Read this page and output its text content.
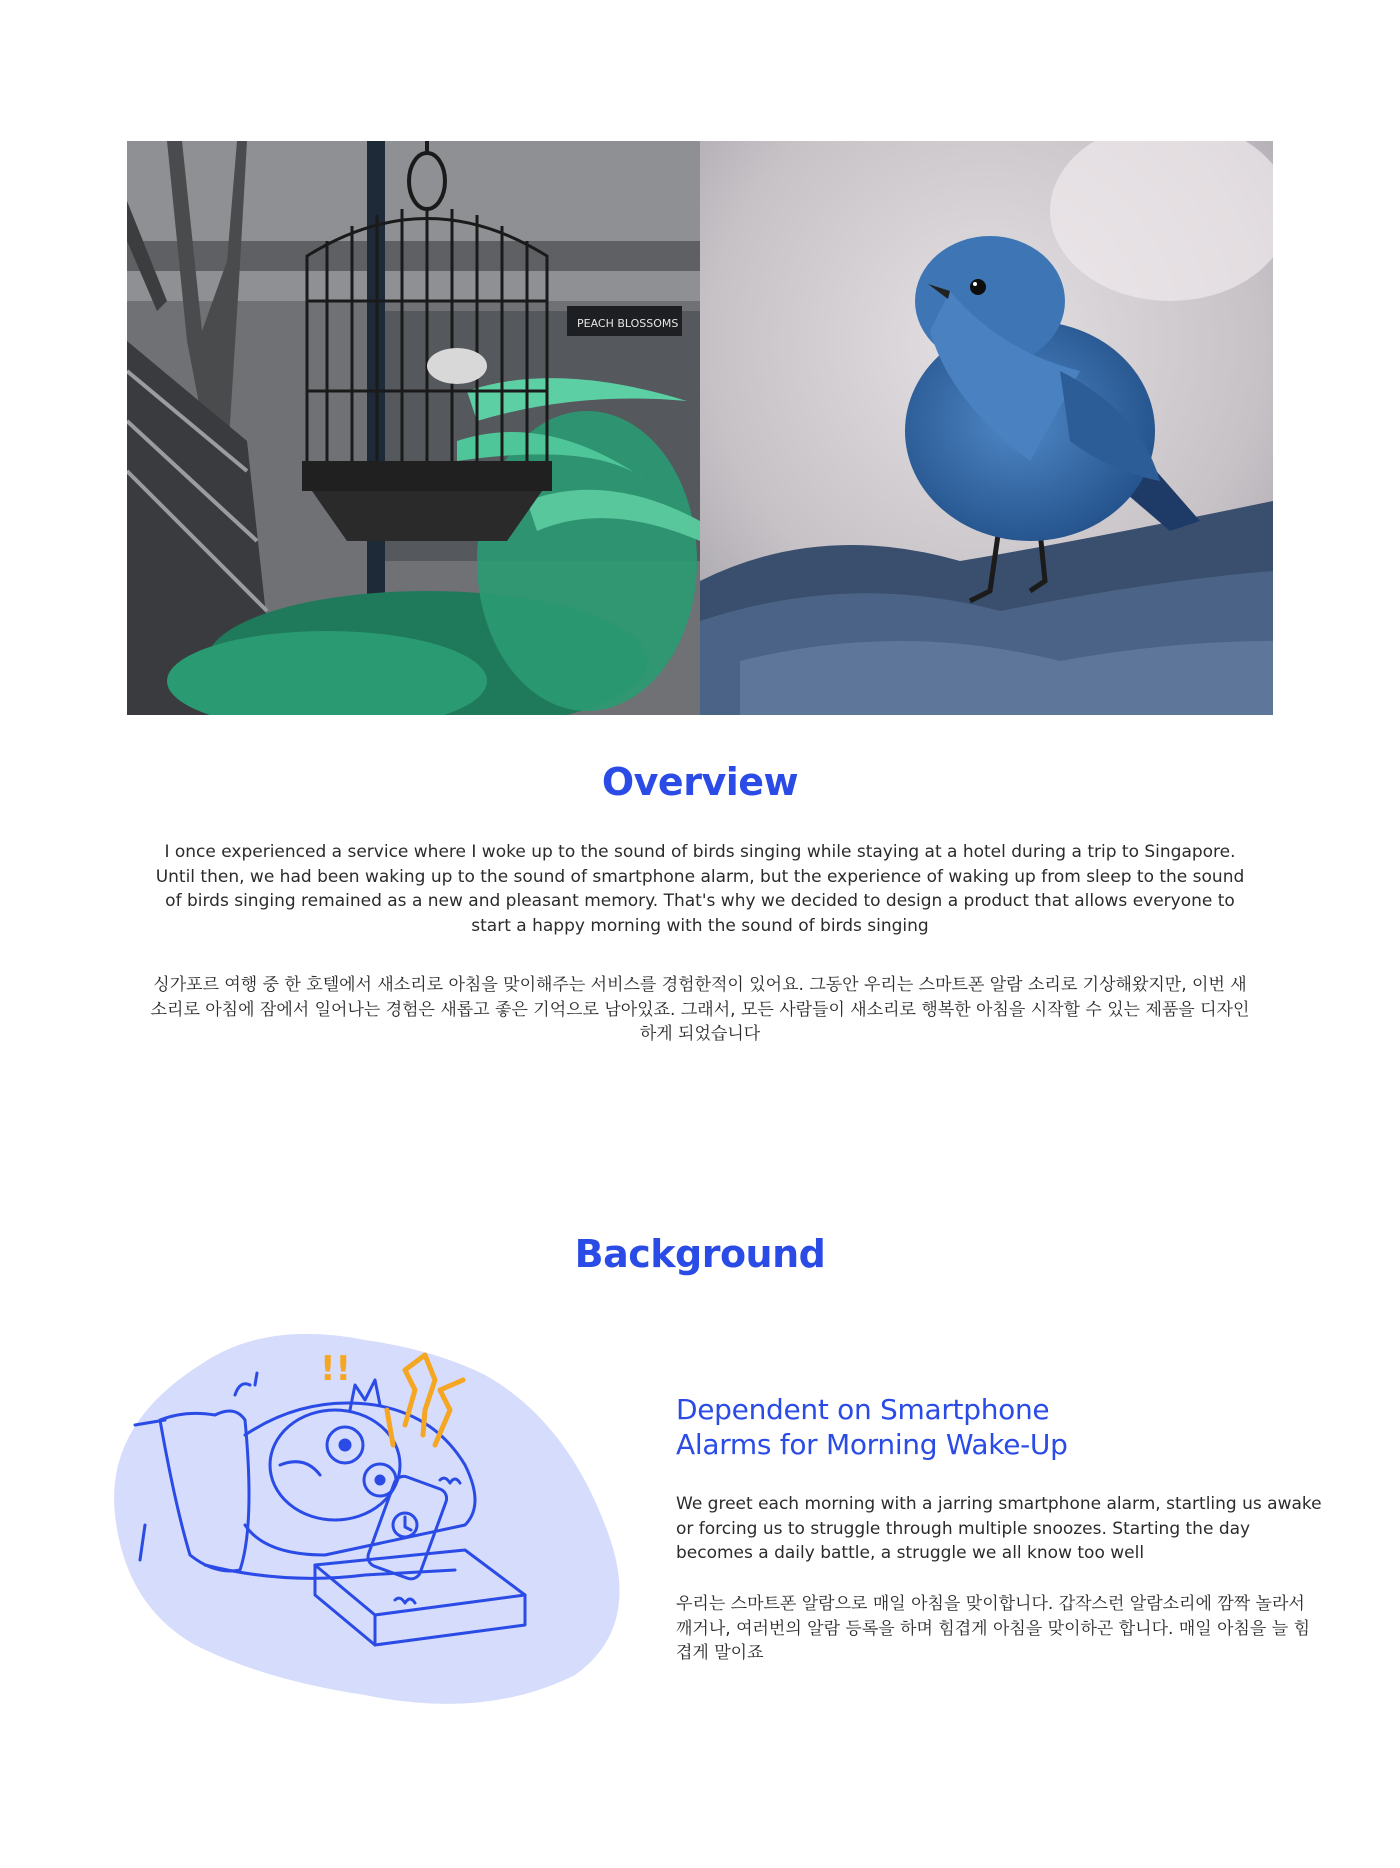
PEACH BLOSSOMS
Overview

I once experienced a service where I woke up to the sound of birds singing while staying at a hotel during a trip to Singapore. Until then, we had been waking up to the sound of smartphone alarm, but the experience of waking up from sleep to the sound of birds singing remained as a new and pleasant memory. That's why we decided to design a product that allows everyone to start a happy morning with the sound of birds singing

싱가포르 여행 중 한 호텔에서 새소리로 아침을 맞이해주는 서비스를 경험한적이 있어요. 그동안 우리는 스마트폰 알람 소리로 기상해왔지만, 이번 새소리로 아침에 잠에서 일어나는 경험은 새롭고 좋은 기억으로 남아있죠. 그래서, 모든 사람들이 새소리로 행복한 아침을 시작할 수 있는 제품을 디자인하게 되었습니다

Background
!!
Dependent on Smartphone
Alarms for Morning Wake-Up

We greet each morning with a jarring smartphone alarm, startling us awake or forcing us to struggle through multiple snoozes. Starting the day becomes a daily battle, a struggle we all know too well

우리는 스마트폰 알람으로 매일 아침을 맞이합니다. 갑작스런 알람소리에 깜짝 놀라서 깨거나, 여러번의 알람 등록을 하며 힘겹게 아침을 맞이하곤 합니다. 매일 아침을 늘 힘겹게 말이죠
